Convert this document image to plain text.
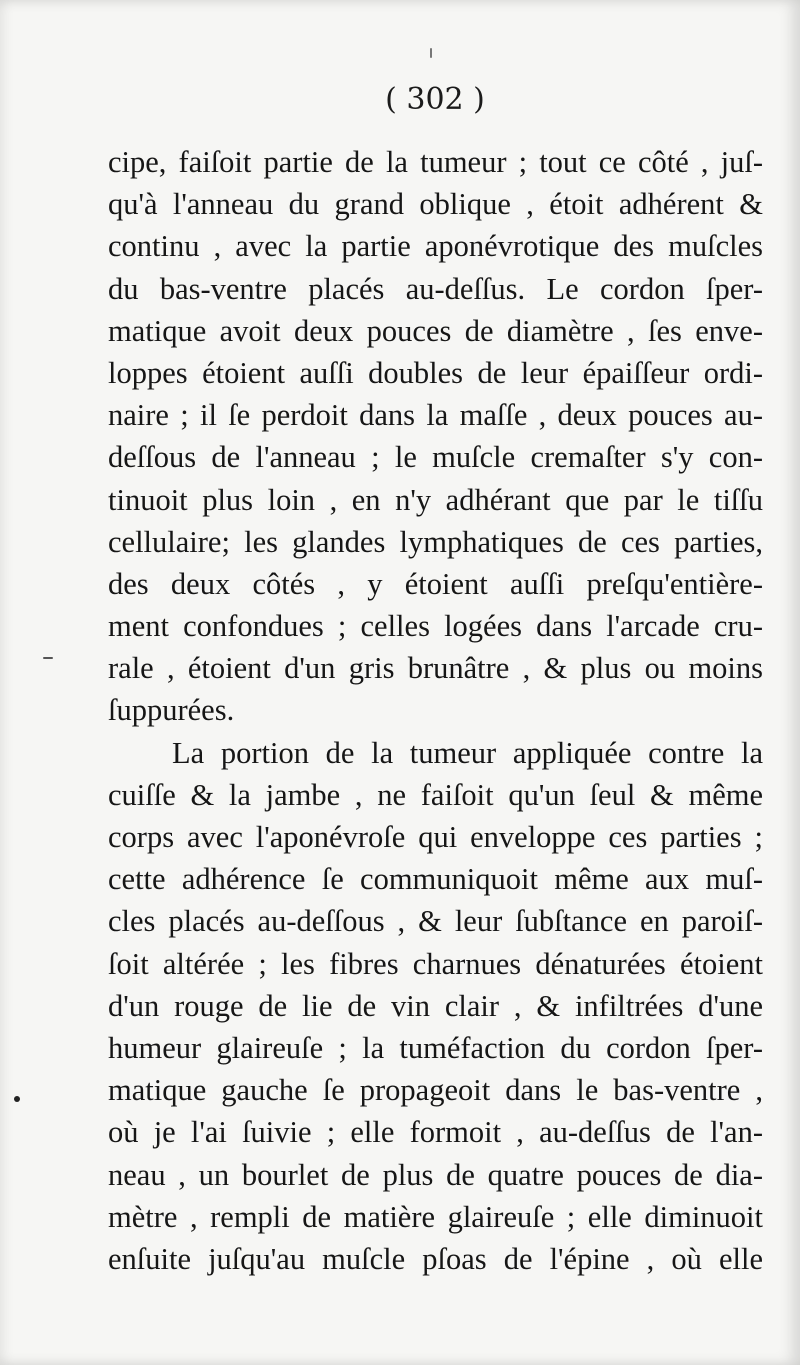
( 302 )
cipe, faiſoit partie de la tumeur ; tout ce côté , juſ-
qu'à l'anneau du grand oblique , étoit adhérent &
continu , avec la partie aponévrotique des muſcles
du bas-ventre placés au-deſſus. Le cordon ſper-
matique avoit deux pouces de diamètre , ſes enve-
loppes étoient auſſi doubles de leur épaiſſeur ordi-
naire ; il ſe perdoit dans la maſſe , deux pouces au-
deſſous de l'anneau ; le muſcle cremaſter s'y con-
tinuoit plus loin , en n'y adhérant que par le tiſſu
cellulaire; les glandes lymphatiques de ces parties,
des deux côtés , y étoient auſſi preſqu'entière-
ment confondues ; celles logées dans l'arcade cru-
rale , étoient d'un gris brunâtre , & plus ou moins
ſuppurées.
La portion de la tumeur appliquée contre la
cuiſſe & la jambe , ne faiſoit qu'un ſeul & même
corps avec l'aponévroſe qui enveloppe ces parties ;
cette adhérence ſe communiquoit même aux muſ-
cles placés au-deſſous , & leur ſubſtance en paroiſ-
ſoit altérée ; les fibres charnues dénaturées étoient
d'un rouge de lie de vin clair , & infiltrées d'une
humeur glaireuſe ; la tuméfaction du cordon ſper-
matique gauche ſe propageoit dans le bas-ventre ,
où je l'ai ſuivie ; elle formoit , au-deſſus de l'an-
neau , un bourlet de plus de quatre pouces de dia-
mètre , rempli de matière glaireuſe ; elle diminuoit
enſuite juſqu'au muſcle pſoas de l'épine , où elle
